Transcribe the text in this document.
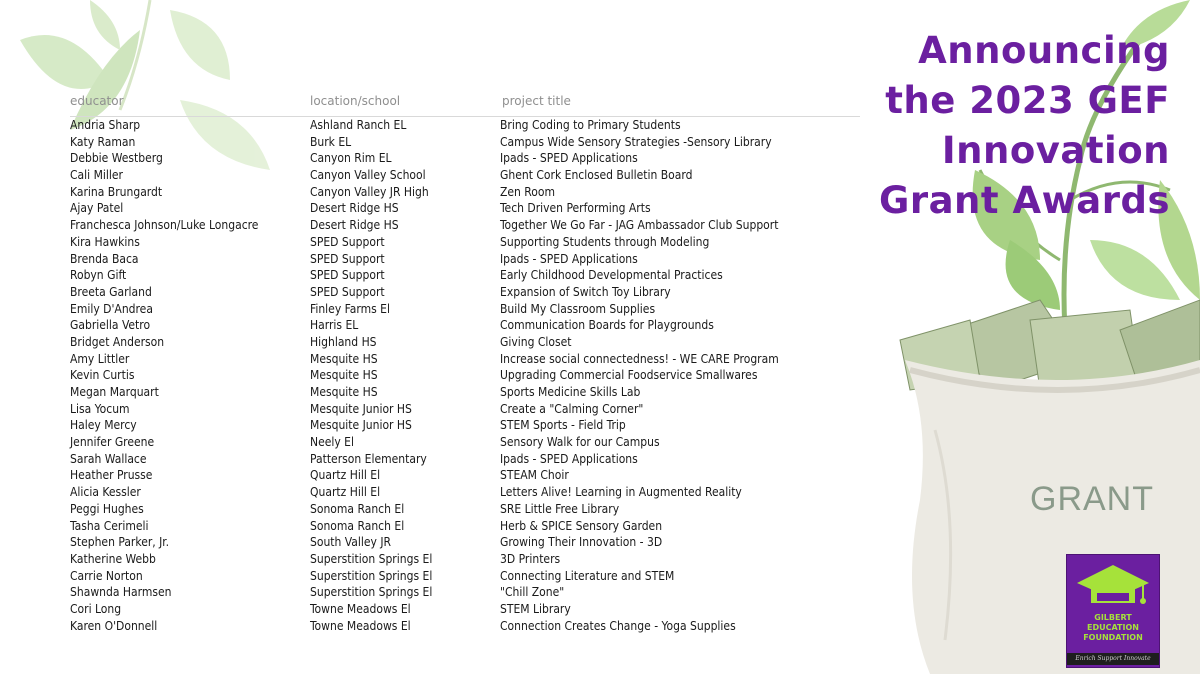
Announcing
the 2023 GEF
Innovation
Grant Awards
educator	location/school	project title
Andria Sharp	Ashland Ranch EL	Bring Coding to Primary Students
Katy Raman	Burk EL	Campus Wide Sensory Strategies -Sensory Library
Debbie Westberg	Canyon Rim EL	Ipads - SPED Applications
Cali Miller	Canyon Valley School	Ghent Cork Enclosed Bulletin Board
Karina Brungardt	Canyon Valley JR High	Zen Room
Ajay Patel	Desert Ridge HS	Tech Driven Performing Arts
Franchesca Johnson/Luke Longacre	Desert Ridge HS	Together We Go Far - JAG Ambassador Club Support
Kira Hawkins	SPED Support	Supporting Students through Modeling
Brenda Baca	SPED Support	Ipads - SPED Applications
Robyn Gift	SPED Support	Early Childhood Developmental Practices
Breeta Garland	SPED Support	Expansion of Switch Toy Library
Emily D'Andrea	Finley Farms El	Build My Classroom Supplies
Gabriella Vetro	Harris EL	Communication Boards for Playgrounds
Bridget Anderson	Highland HS	Giving Closet
Amy Littler	Mesquite HS	Increase social connectedness! - WE CARE Program
Kevin Curtis	Mesquite HS	Upgrading Commercial Foodservice Smallwares
Megan Marquart	Mesquite HS	Sports Medicine Skills Lab
Lisa Yocum	Mesquite Junior HS	Create a "Calming Corner"
Haley Mercy	Mesquite Junior HS	STEM Sports - Field Trip
Jennifer Greene	Neely El	Sensory Walk for our Campus
Sarah Wallace	Patterson Elementary	Ipads - SPED Applications
Heather Prusse	Quartz Hill El	STEAM Choir
Alicia Kessler	Quartz Hill El	Letters Alive! Learning in Augmented Reality
Peggi Hughes	Sonoma Ranch El	SRE Little Free Library
Tasha Cerimeli	Sonoma Ranch El	Herb & SPICE Sensory Garden
Stephen Parker, Jr.	South Valley JR	Growing Their Innovation - 3D
Katherine Webb	Superstition Springs El	3D Printers
Carrie Norton	Superstition Springs El	Connecting Literature and STEM
Shawnda Harmsen	Superstition Springs El	"Chill Zone"
Cori Long	Towne Meadows El	STEM Library
Karen O'Donnell	Towne Meadows El	Connection Creates Change - Yoga Supplies
GRANT
GILBERT
EDUCATION
FOUNDATION
Enrich Support Innovate
